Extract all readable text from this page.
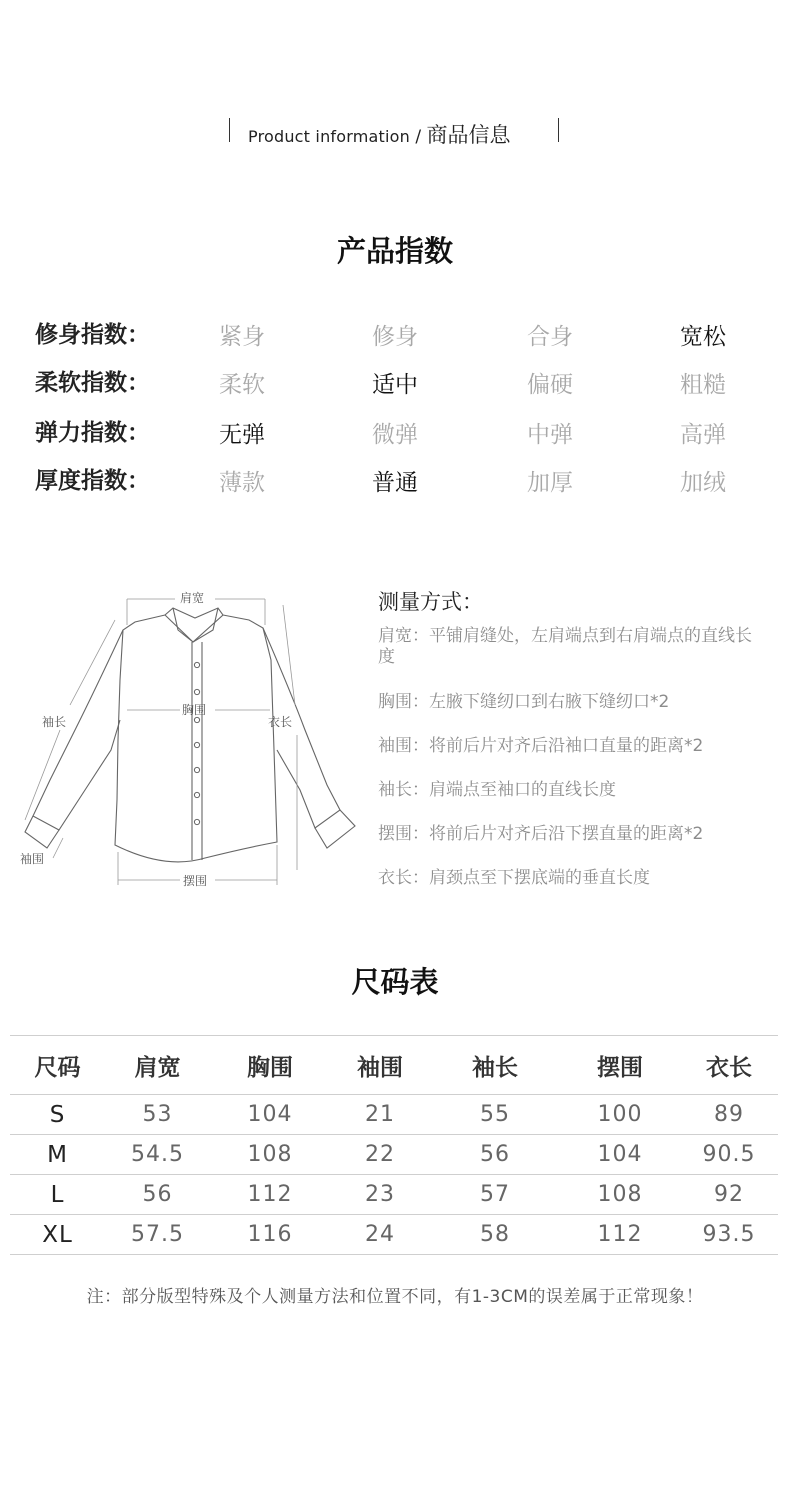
Product information / 商品信息
产品指数
修身指数：	紧身	修身	合身	宽松
柔软指数：	柔软	适中	偏硬	粗糙
弹力指数：	无弹	微弹	中弹	高弹
厚度指数：	薄款	普通	加厚	加绒
肩宽
胸围
袖长	衣长
袖围
摆围
测量方式：
肩宽：平铺肩缝处，左肩端点到右肩端点的直线长度
胸围：左腋下缝纫口到右腋下缝纫口*2
袖围：将前后片对齐后沿袖口直量的距离*2
袖长：肩端点至袖口的直线长度
摆围：将前后片对齐后沿下摆直量的距离*2
衣长：肩颈点至下摆底端的垂直长度
尺码表
尺码	肩宽	胸围	袖围	袖长	摆围	衣长
S	53	104	21	55	100	89
M	54.5	108	22	56	104	90.5
L	56	112	23	57	108	92
XL	57.5	116	24	58	112	93.5
注：部分版型特殊及个人测量方法和位置不同，有1-3CM的误差属于正常现象！
